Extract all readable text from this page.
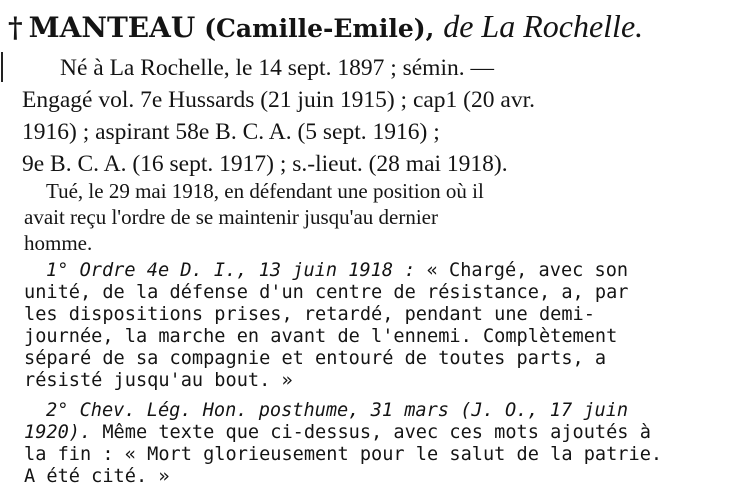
† MANTEAU (Camille-Emile), de La Rochelle.
Né à La Rochelle, le 14 sept. 1897 ; sémin. —
Engagé vol. 7e Hussards (21 juin 1915) ; cap1 (20 avr.
1916) ; aspirant 58e B. C. A. (5 sept. 1916) ;
9e B. C. A. (16 sept. 1917) ; s.-lieut. (28 mai 1918).
Tué, le 29 mai 1918, en défendant une position où il
avait reçu l'ordre de se maintenir jusqu'au dernier
homme.
1° Ordre 4e D. I., 13 juin 1918 : « Chargé, avec son
unité, de la défense d'un centre de résistance, a, par
les dispositions prises, retardé, pendant une demi-
journée, la marche en avant de l'ennemi. Complètement
séparé de sa compagnie et entouré de toutes parts, a
résisté jusqu'au bout. »
2° Chev. Lég. Hon. posthume, 31 mars (J. O., 17 juin
1920). Même texte que ci-dessus, avec ces mots ajoutés à
la fin : « Mort glorieusement pour le salut de la patrie.
A été cité. »
